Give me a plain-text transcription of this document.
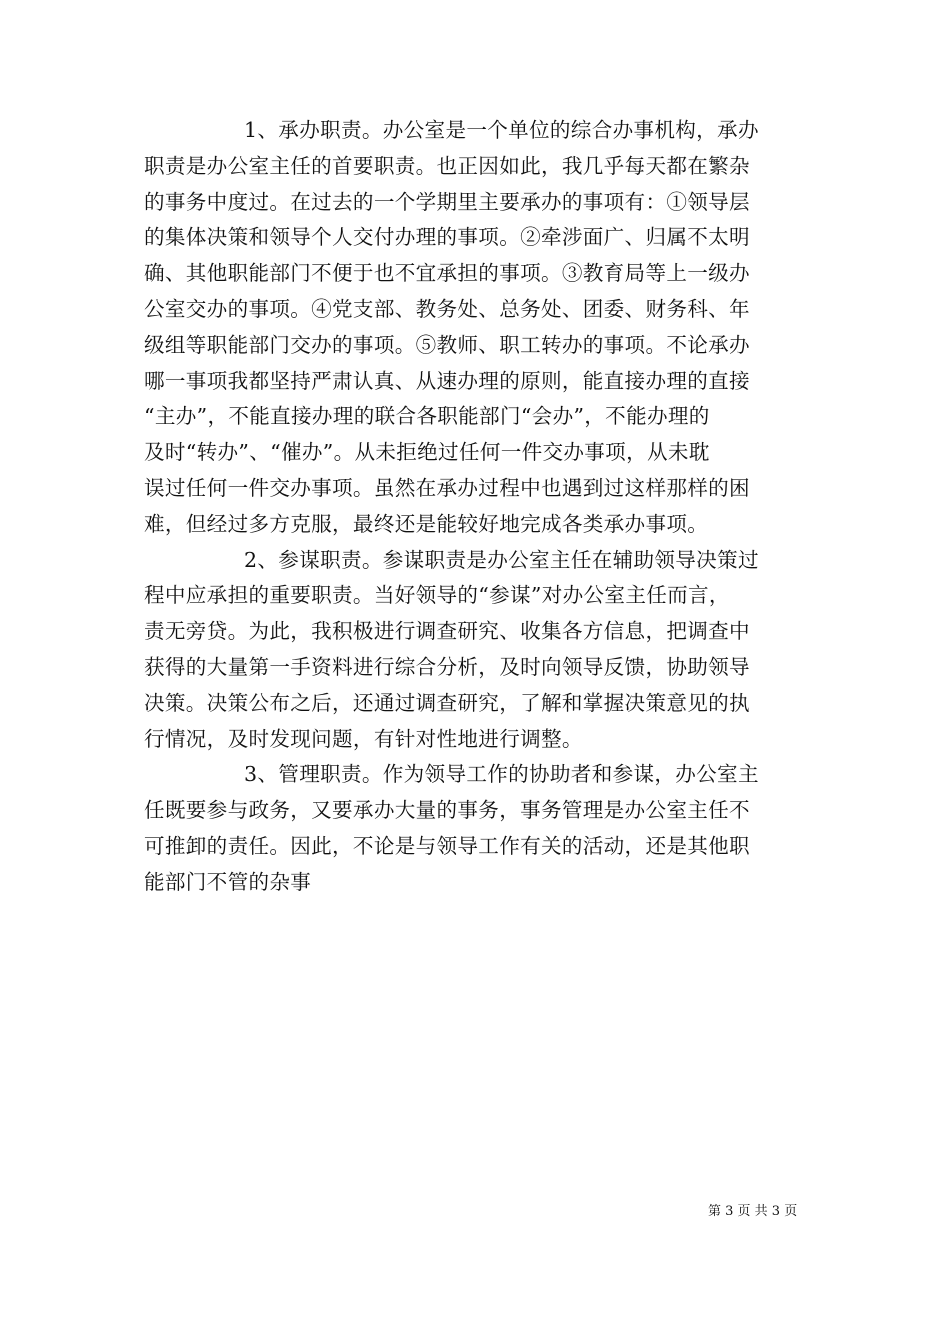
1、承办职责。办公室是一个单位的综合办事机构，承办
职责是办公室主任的首要职责。也正因如此，我几乎每天都在繁杂
的事务中度过。在过去的一个学期里主要承办的事项有：①领导层
的集体决策和领导个人交付办理的事项。②牵涉面广、归属不太明
确、其他职能部门不便于也不宜承担的事项。③教育局等上一级办
公室交办的事项。④党支部、教务处、总务处、团委、财务科、年
级组等职能部门交办的事项。⑤教师、职工转办的事项。不论承办
哪一事项我都坚持严肃认真、从速办理的原则，能直接办理的直接
“主办”，不能直接办理的联合各职能部门“会办”，不能办理的
及时“转办”、“催办”。从未拒绝过任何一件交办事项，从未耽
误过任何一件交办事项。虽然在承办过程中也遇到过这样那样的困
难，但经过多方克服，最终还是能较好地完成各类承办事项。
2、参谋职责。参谋职责是办公室主任在辅助领导决策过
程中应承担的重要职责。当好领导的“参谋”对办公室主任而言，
责无旁贷。为此，我积极进行调查研究、收集各方信息，把调查中
获得的大量第一手资料进行综合分析，及时向领导反馈，协助领导
决策。决策公布之后，还通过调查研究，了解和掌握决策意见的执
行情况，及时发现问题，有针对性地进行调整。
3、管理职责。作为领导工作的协助者和参谋，办公室主
任既要参与政务，又要承办大量的事务，事务管理是办公室主任不
可推卸的责任。因此，不论是与领导工作有关的活动，还是其他职
能部门不管的杂事
第 3 页 共 3 页
